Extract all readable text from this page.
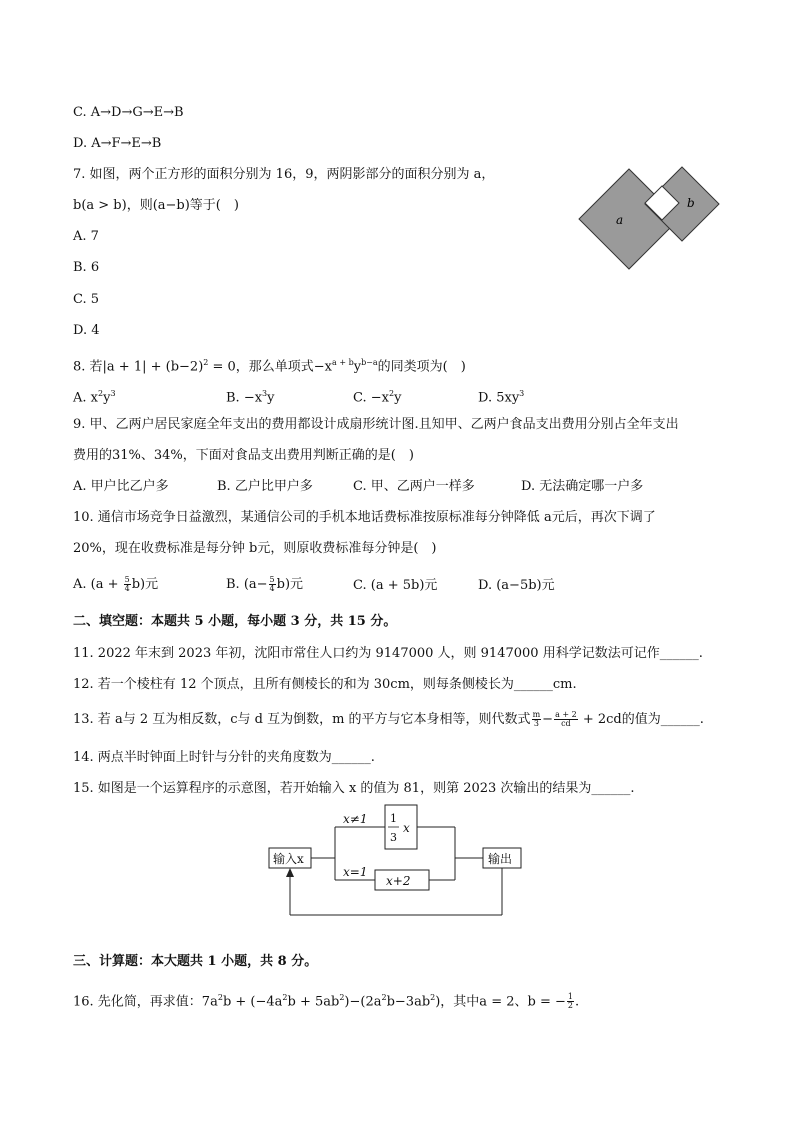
C. A→D→G→E→B
D. A→F→E→B
7. 如图，两个正方形的面积分别为 16，9，两阴影部分的面积分别为 a，
b(a > b)，则(a−b)等于(　)
A. 7
B. 6
C. 5
D. 4
a
b
8. 若$|a + 1| + (b-2)^2 = 0$，那么单项式$-x^{a + b}y^{b-a}$的同类项为(　)
A. $x^2y^3$	B. $-x^3y$	C. $-x^2y$	D. $5xy^3$
9. 甲、乙两户居民家庭全年支出的费用都设计成扇形统计图.且知甲、乙两户食品支出费用分别占全年支出
费用的31%、34%，下面对食品支出费用判断正确的是(　)
A. 甲户比乙户多	B. 乙户比甲户多	C. 甲、乙两户一样多	D. 无法确定哪一户多
10. 通信市场竞争日益激烈，某通信公司的手机本地话费标准按原标准每分钟降低 a元后，再次下调了
20%，现在收费标准是每分钟 b元，则原收费标准每分钟是(　)
A. $(a + \frac{5}{4} b)$元	B. $(a- \frac{5}{4} b)$元	C. (a + 5b)元	D. (a−5b)元
二、填空题：本题共 5 小题，每小题 3 分，共 15 分。
11. 2022 年末到 2023 年初，沈阳市常住人口约为 9147000 人，则 9147000 用科学记数法可记作______.
12. 若一个棱柱有 12 个顶点，且所有侧棱长的和为 30cm，则每条侧棱长为______cm.
13. 若 a与 2 互为相反数，c与 d 互为倒数，m 的平方与它本身相等，则代数式 $\frac{m}{3} - \frac{a + 2}{cd} + 2cd$的值为______.
14. 两点半时钟面上时针与分针的夹角度数为______.
15. 如图是一个运算程序的示意图，若开始输入 x 的值为 81，则第 2023 次输出的结果为______.
输入x	输出
x≠1
x=1
1
3
x
x+2
三、计算题：本大题共 1 小题，共 8 分。
16. 先化简，再求值：$7a^2b + (-4a^2b + 5ab^2)-(2a^2b-3ab^2)$，其中a = 2、b = − $\frac{1}{2}$ .
